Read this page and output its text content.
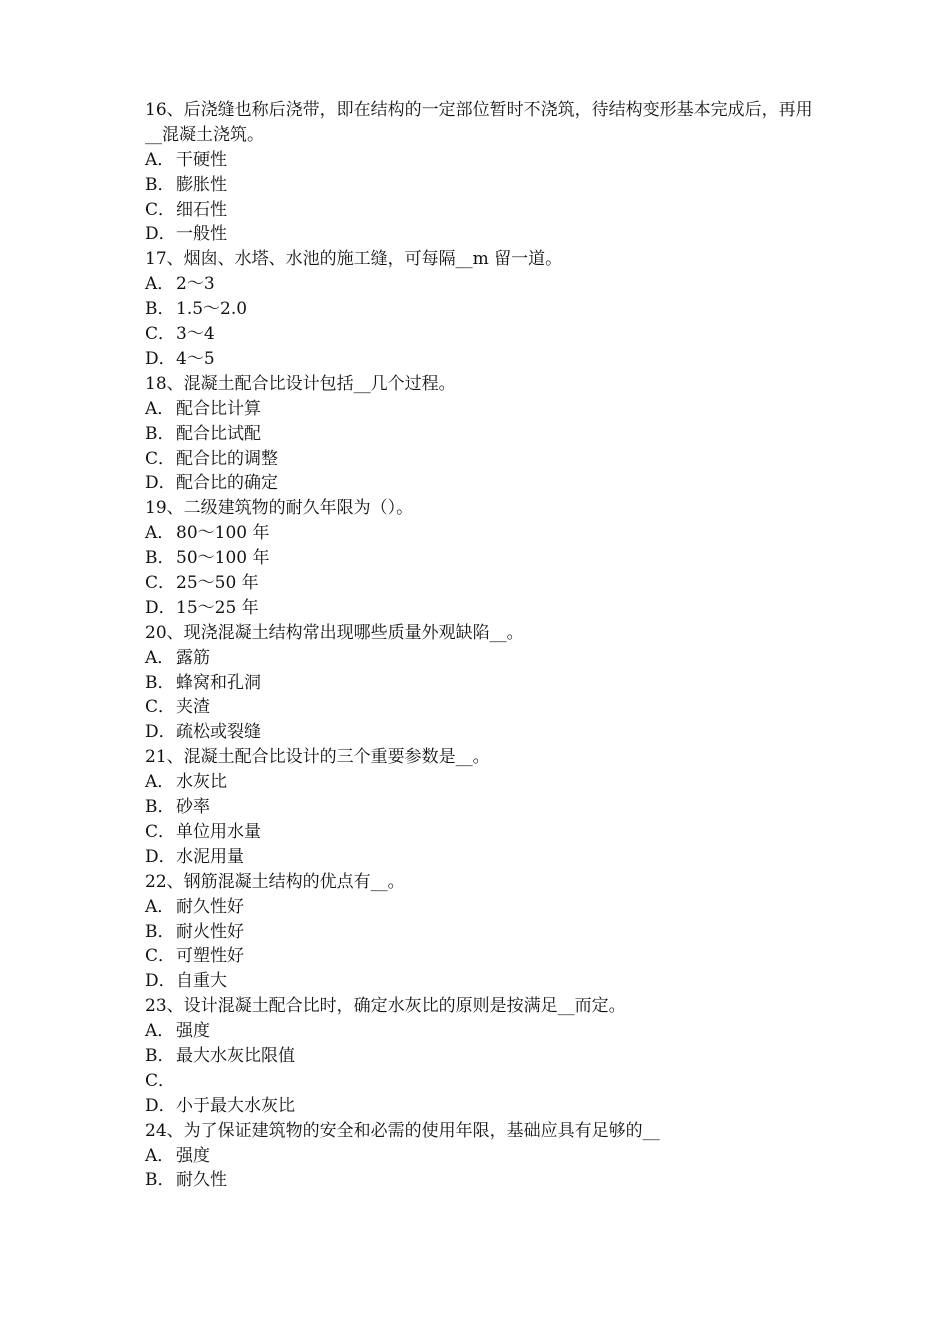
16、后浇缝也称后浇带，即在结构的一定部位暂时不浇筑，待结构变形基本完成后，再用__混凝土浇筑。
A． 干硬性
B． 膨胀性
C． 细石性
D． 一般性
17、烟囱、水塔、水池的施工缝，可每隔__m 留一道。
A． 2～3
B． 1.5～2.0
C． 3～4
D． 4～5
18、混凝土配合比设计包括__几个过程。
A． 配合比计算
B． 配合比试配
C． 配合比的调整
D． 配合比的确定
19、二级建筑物的耐久年限为（）。
A． 80～100 年
B． 50～100 年
C． 25～50 年
D． 15～25 年
20、现浇混凝土结构常出现哪些质量外观缺陷__。
A． 露筋
B． 蜂窝和孔洞
C． 夹渣
D． 疏松或裂缝
21、混凝土配合比设计的三个重要参数是__。
A． 水灰比
B． 砂率
C． 单位用水量
D． 水泥用量
22、钢筋混凝土结构的优点有__。
A． 耐久性好
B． 耐火性好
C． 可塑性好
D． 自重大
23、设计混凝土配合比时，确定水灰比的原则是按满足__而定。
A． 强度
B． 最大水灰比限值
C．
D． 小于最大水灰比
24、为了保证建筑物的安全和必需的使用年限，基础应具有足够的__
A． 强度
B． 耐久性
